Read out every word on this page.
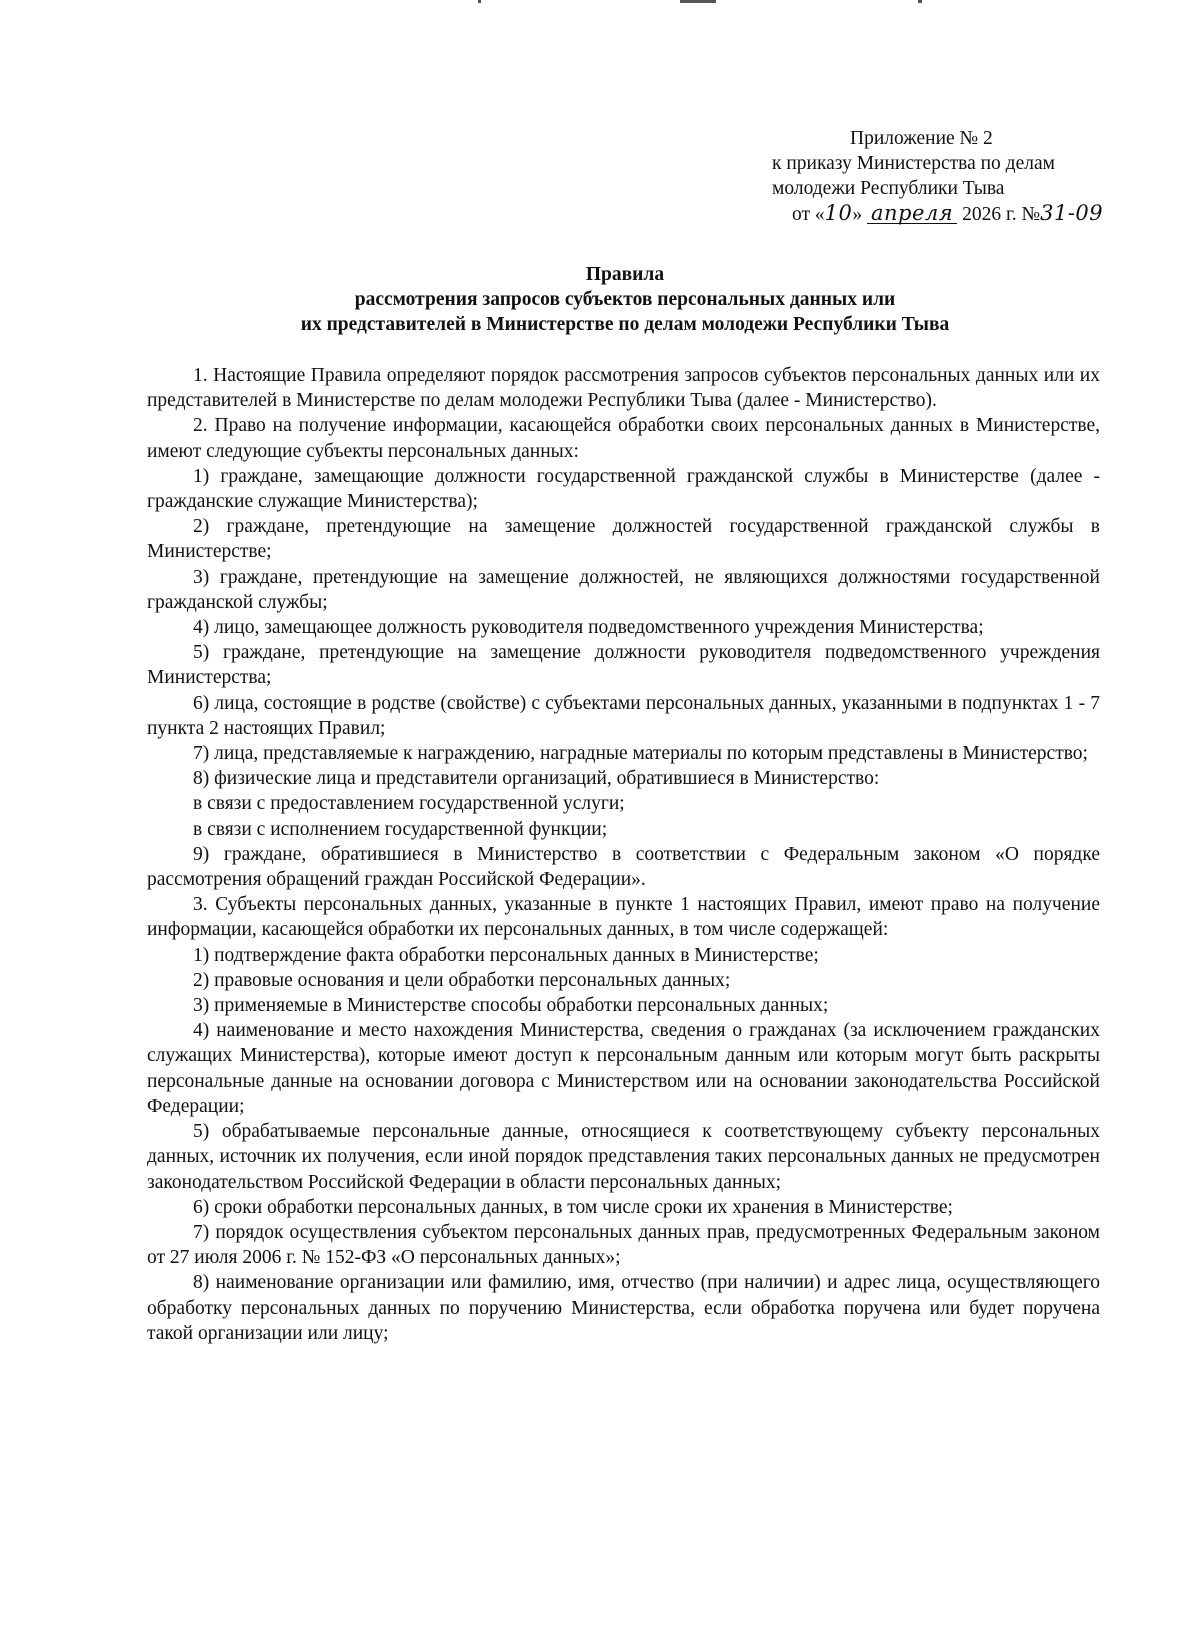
Приложение № 2
к приказу Министерства по делам
молодежи Республики Тыва
от «10» апреля 2026 г. №31-09
Правила
рассмотрения запросов субъектов персональных данных или
их представителей в Министерстве по делам молодежи Республики Тыва

1. Настоящие Правила определяют порядок рассмотрения запросов субъектов персональных данных или их представителей в Министерстве по делам молодежи Республики Тыва (далее - Министерство).

2. Право на получение информации, касающейся обработки своих персональных данных в Министерстве, имеют следующие субъекты персональных данных:

1) граждане, замещающие должности государственной гражданской службы в Министерстве (далее - гражданские служащие Министерства);

2) граждане, претендующие на замещение должностей государственной гражданской службы в Министерстве;

3) граждане, претендующие на замещение должностей, не являющихся должностями государственной гражданской службы;

4) лицо, замещающее должность руководителя подведомственного учреждения Министерства;

5) граждане, претендующие на замещение должности руководителя подведомственного учреждения Министерства;

6) лица, состоящие в родстве (свойстве) с субъектами персональных данных, указанными в подпунктах 1 - 7 пункта 2 настоящих Правил;

7) лица, представляемые к награждению, наградные материалы по которым представлены в Министерство;

8) физические лица и представители организаций, обратившиеся в Министерство:

в связи с предоставлением государственной услуги;

в связи с исполнением государственной функции;

9) граждане, обратившиеся в Министерство в соответствии с Федеральным законом «О порядке рассмотрения обращений граждан Российской Федерации».

3. Субъекты персональных данных, указанные в пункте 1 настоящих Правил, имеют право на получение информации, касающейся обработки их персональных данных, в том числе содержащей:

1) подтверждение факта обработки персональных данных в Министерстве;

2) правовые основания и цели обработки персональных данных;

3) применяемые в Министерстве способы обработки персональных данных;

4) наименование и место нахождения Министерства, сведения о гражданах (за исключением гражданских служащих Министерства), которые имеют доступ к персональным данным или которым могут быть раскрыты персональные данные на основании договора с Министерством или на основании законодательства Российской Федерации;

5) обрабатываемые персональные данные, относящиеся к соответствующему субъекту персональных данных, источник их получения, если иной порядок представления таких персональных данных не предусмотрен законодательством Российской Федерации в области персональных данных;

6) сроки обработки персональных данных, в том числе сроки их хранения в Министерстве;

7) порядок осуществления субъектом персональных данных прав, предусмотренных Федеральным законом от 27 июля 2006 г. № 152-ФЗ «О персональных данных»;

8) наименование организации или фамилию, имя, отчество (при наличии) и адрес лица, осуществляющего обработку персональных данных по поручению Министерства, если обработка поручена или будет поручена такой организации или лицу;
